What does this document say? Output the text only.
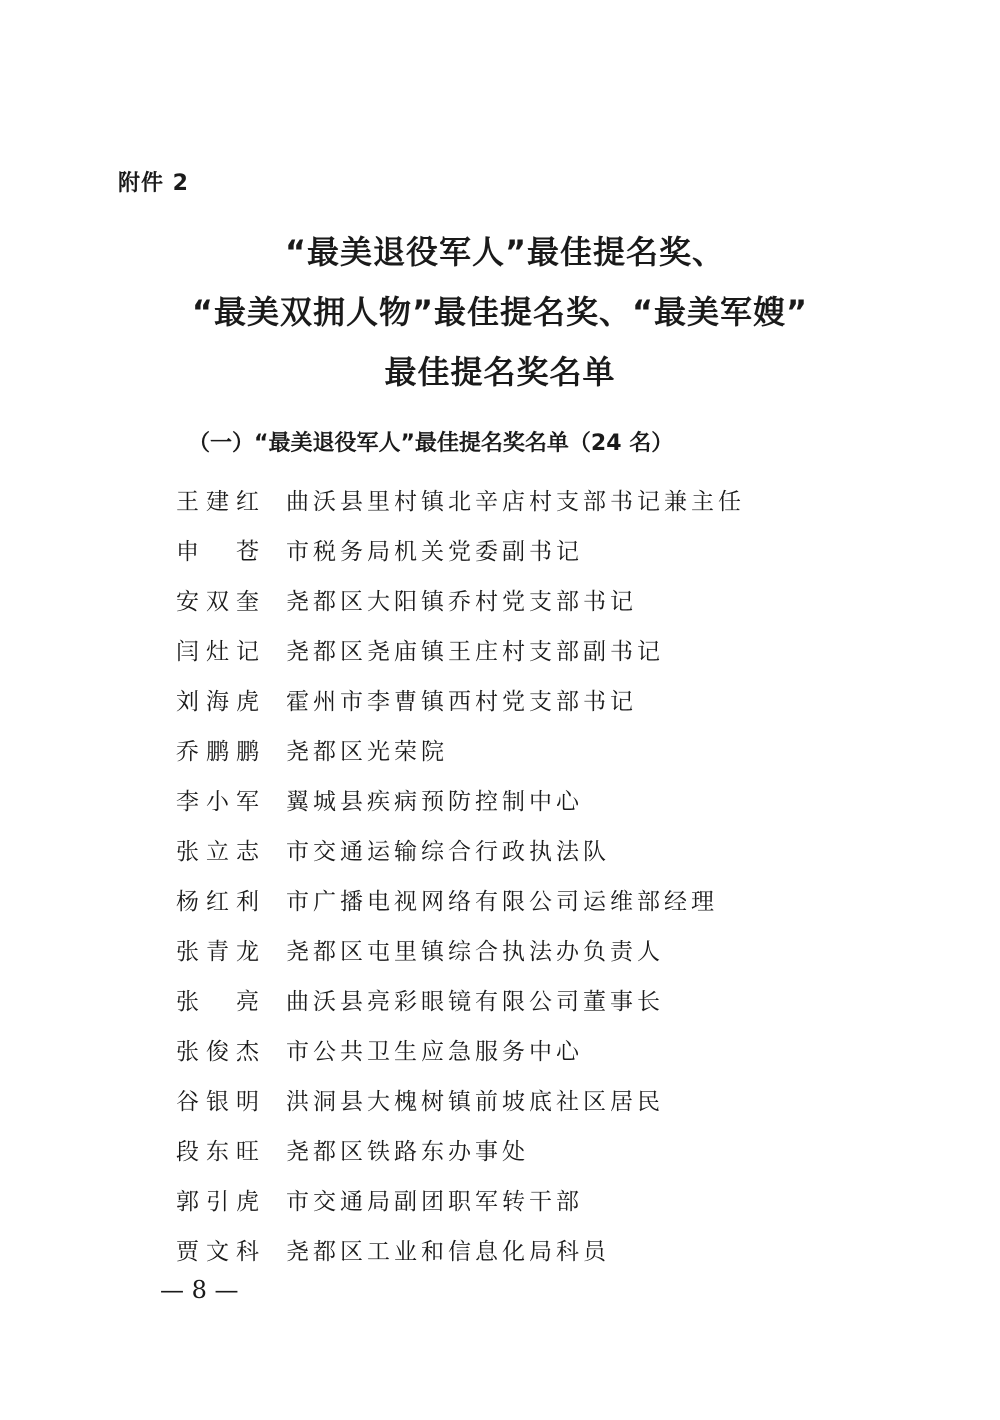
附件 2
“最美退役军人”最佳提名奖、
“最美双拥人物”最佳提名奖、“最美军嫂”
最佳提名奖名单
（一）“最美退役军人”最佳提名奖名单（24 名）
王建红 曲沃县里村镇北辛店村支部书记兼主任
申苍 市税务局机关党委副书记
安双奎 尧都区大阳镇乔村党支部书记
闫灶记 尧都区尧庙镇王庄村支部副书记
刘海虎 霍州市李曹镇西村党支部书记
乔鹏鹏 尧都区光荣院
李小军 翼城县疾病预防控制中心
张立志 市交通运输综合行政执法队
杨红利 市广播电视网络有限公司运维部经理
张青龙 尧都区屯里镇综合执法办负责人
张亮 曲沃县亮彩眼镜有限公司董事长
张俊杰 市公共卫生应急服务中心
谷银明 洪洞县大槐树镇前坡底社区居民
段东旺 尧都区铁路东办事处
郭引虎 市交通局副团职军转干部
贾文科 尧都区工业和信息化局科员
— 8 —
